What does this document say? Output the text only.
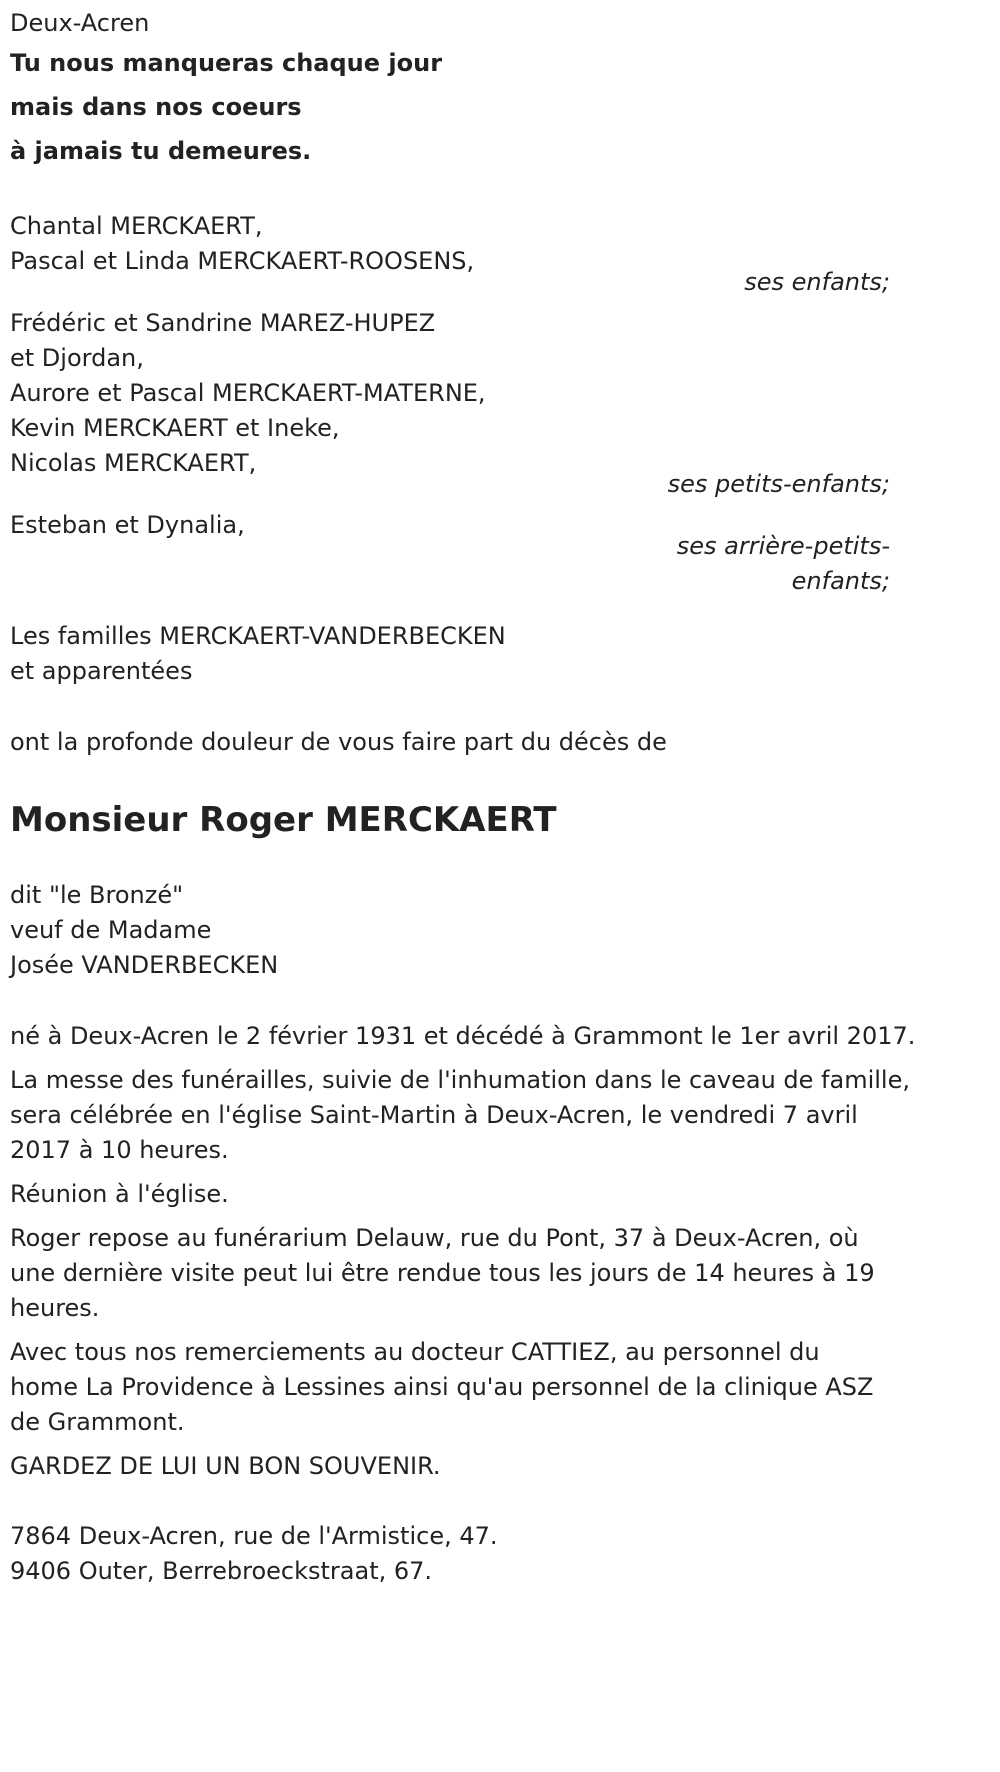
Deux-Acren
Tu nous manqueras chaque jour
mais dans nos coeurs
à jamais tu demeures.
Chantal MERCKAERT,
Pascal et Linda MERCKAERT-ROOSENS,
ses enfants;
Frédéric et Sandrine MAREZ-HUPEZ
et Djordan,
Aurore et Pascal MERCKAERT-MATERNE,
Kevin MERCKAERT et Ineke,
Nicolas MERCKAERT,
ses petits-enfants;
Esteban et Dynalia,
ses arrière-petits-
enfants;
Les familles MERCKAERT-VANDERBECKEN
et apparentées
ont la profonde douleur de vous faire part du décès de
Monsieur Roger MERCKAERT
dit "le Bronzé"
veuf de Madame
Josée VANDERBECKEN
né à Deux-Acren le 2 février 1931 et décédé à Grammont le 1er avril 2017.
La messe des funérailles, suivie de l'inhumation dans le caveau de famille,
sera célébrée en l'église Saint-Martin à Deux-Acren, le vendredi 7 avril
2017 à 10 heures.
Réunion à l'église.
Roger repose au funérarium Delauw, rue du Pont, 37 à Deux-Acren, où
une dernière visite peut lui être rendue tous les jours de 14 heures à 19
heures.
Avec tous nos remerciements au docteur CATTIEZ, au personnel du
home La Providence à Lessines ainsi qu'au personnel de la clinique ASZ
de Grammont.
GARDEZ DE LUI UN BON SOUVENIR.
7864 Deux-Acren, rue de l'Armistice, 47.
9406 Outer, Berrebroeckstraat, 67.
